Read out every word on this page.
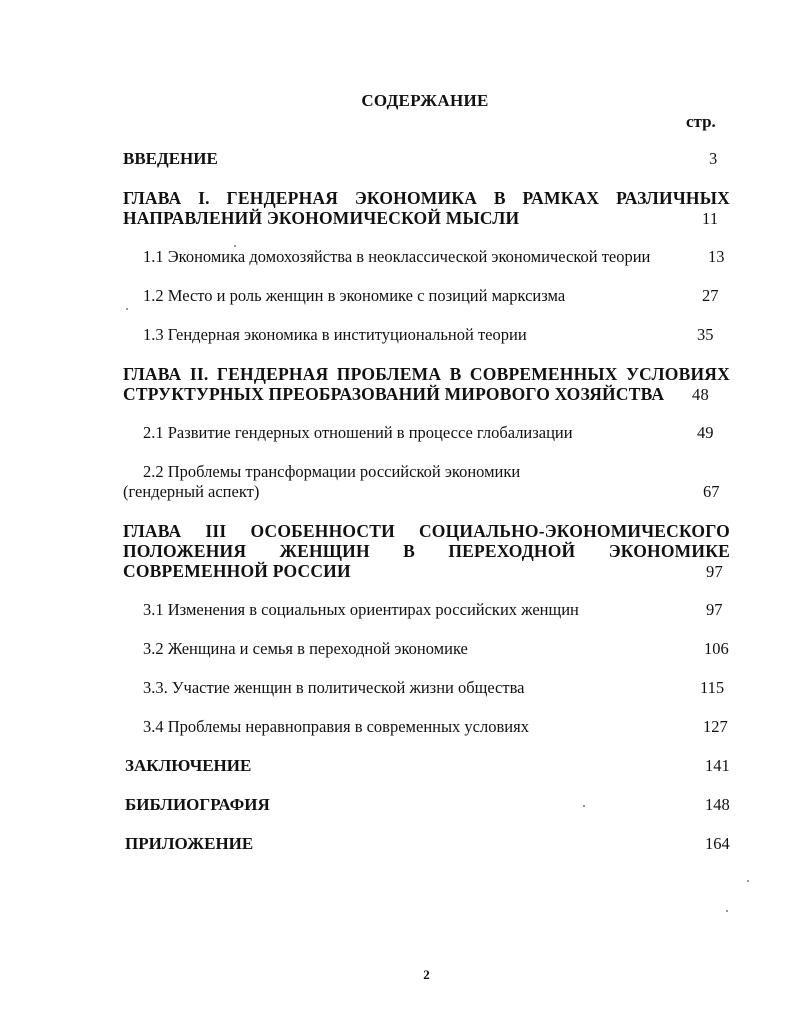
СОДЕРЖАНИЕ
стр.
ВВЕДЕНИЕ	3
ГЛАВА I. ГЕНДЕРНАЯ ЭКОНОМИКА В РАМКАХ РАЗЛИЧНЫХ
НАПРАВЛЕНИЙ ЭКОНОМИЧЕСКОЙ МЫСЛИ	11
1.1 Экономика домохозяйства в неоклассической экономической теории	13
1.2 Место и роль женщин в экономике с позиций марксизма	27
1.3 Гендерная экономика в институциональной теории	35
ГЛАВА II. ГЕНДЕРНАЯ ПРОБЛЕМА В СОВРЕМЕННЫХ УСЛОВИЯХ
СТРУКТУРНЫХ ПРЕОБРАЗОВАНИЙ МИРОВОГО ХОЗЯЙСТВА 48
2.1 Развитие гендерных отношений в процессе глобализации	49
2.2 Проблемы трансформации российской экономики
(гендерный аспект)	67
ГЛАВА III ОСОБЕННОСТИ СОЦИАЛЬНО-ЭКОНОМИЧЕСКОГО
ПОЛОЖЕНИЯ ЖЕНЩИН В ПЕРЕХОДНОЙ ЭКОНОМИКЕ
СОВРЕМЕННОЙ РОССИИ	97
3.1 Изменения в социальных ориентирах российских женщин	97
3.2 Женщина и семья в переходной экономике	106
3.3. Участие женщин в политической жизни общества	115
3.4 Проблемы неравноправия в современных условиях	127
ЗАКЛЮЧЕНИЕ	141
БИБЛИОГРАФИЯ	148
ПРИЛОЖЕНИЕ	164
2
